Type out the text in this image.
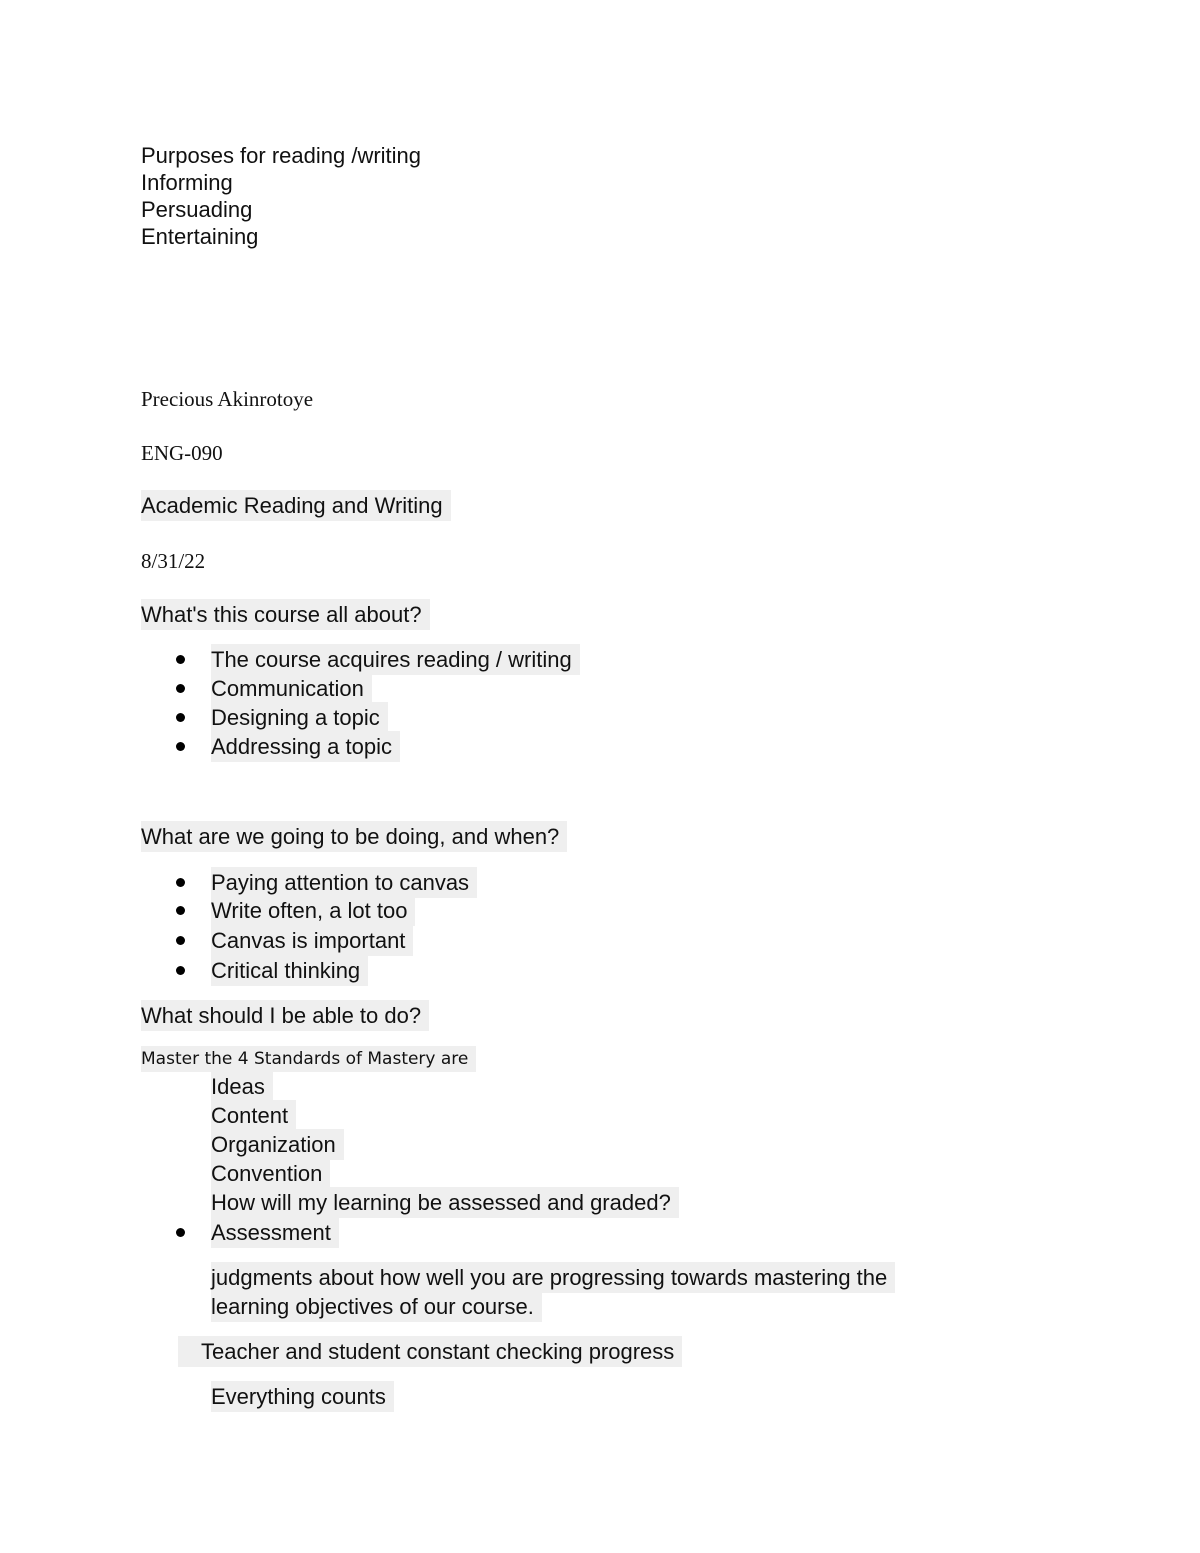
Purposes for reading /writing
Informing
Persuading
Entertaining
Precious Akinrotoye
ENG-090
Academic Reading and Writing
8/31/22
What's this course all about?
The course acquires reading / writing
Communication
Designing a topic
Addressing a topic
What are we going to be doing, and when?
Paying attention to canvas
Write often, a lot too
Canvas is important
Critical thinking
What should I be able to do?
Master the 4 Standards of Mastery are
Ideas
Content
Organization
Convention
How will my learning be assessed and graded?
Assessment
judgments about how well you are progressing towards mastering the
learning objectives of our course.
Teacher and student constant checking progress
Everything counts
